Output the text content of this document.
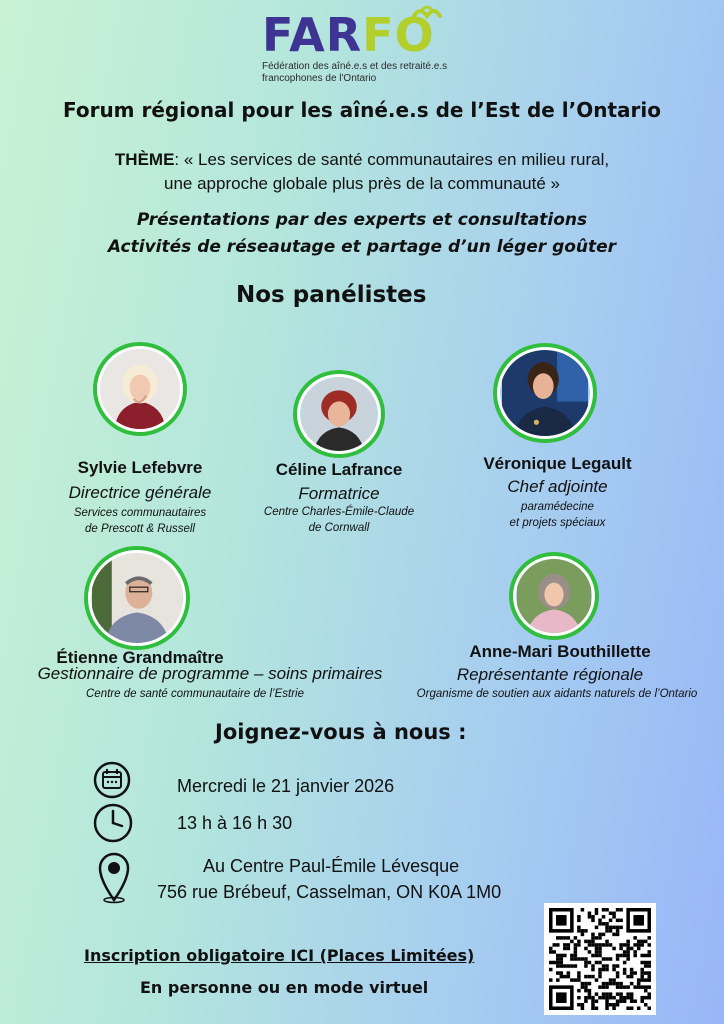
FARFO
Fédération des aîné.e.s et des retraité.e.s
francophones de l'Ontario
Forum régional pour les aîné.e.s de l’Est de l’Ontario
THÈME: « Les services de santé communautaires en milieu rural,
une approche globale plus près de la communauté »
Présentations par des experts et consultations
Activités de réseautage et partage d’un léger goûter
Nos panélistes
Sylvie Lefebvre
Directrice générale
Services communautaires
de Prescott & Russell
Céline Lafrance
Formatrice
Centre Charles-Émile-Claude
de Cornwall
Véronique Legault
Chef adjointe
paramédecine
et projets spéciaux
Étienne Grandmaître
Gestionnaire de programme – soins primaires
Centre de santé communautaire de l’Estrie
Anne-Mari Bouthillette
Représentante régionale
Organisme de soutien aux aidants naturels de l’Ontario
Joignez-vous à nous :
Mercredi le 21 janvier 2026
13 h à 16 h 30
Au Centre Paul-Émile Lévesque
756 rue Brébeuf, Casselman, ON K0A 1M0
Inscription obligatoire ICI (Places Limitées)
En personne ou en mode virtuel
